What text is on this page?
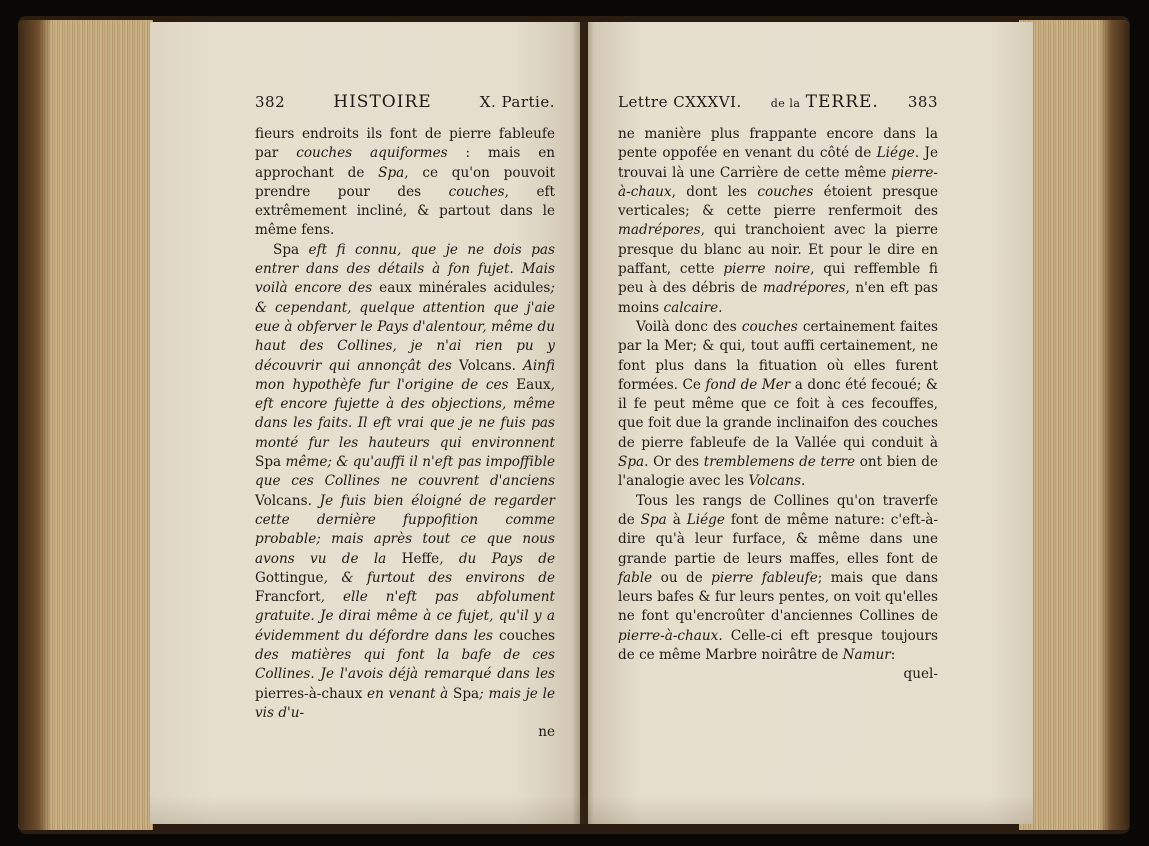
382	HISTOIRE	X. Partie.

fieurs endroits ils font de pierre fableufe par couches aquiformes : mais en approchant de Spa, ce qu'on pouvoit prendre pour des couches, eft extrêmement incliné, & partout dans le même fens.

Spa eft fi connu, que je ne dois pas entrer dans des détails à fon fujet. Mais voilà encore des eaux minérales acidules; & cependant, quelque attention que j'aie eue à obferver le Pays d'alentour, même du haut des Collines, je n'ai rien pu y découvrir qui annonçât des Volcans. Ainfi mon hypothèfe fur l'origine de ces Eaux, eft encore fujette à des objections, même dans les faits. Il eft vrai que je ne fuis pas monté fur les hauteurs qui environnent Spa même; & qu'auffi il n'eft pas impoffible que ces Collines ne couvrent d'anciens Volcans. Je fuis bien éloigné de regarder cette dernière fuppofition comme probable; mais après tout ce que nous avons vu de la Heffe, du Pays de Gottingue, & furtout des environs de Francfort, elle n'eft pas abfolument gratuite. Je dirai même à ce fujet, qu'il y a évidemment du défordre dans les couches des matières qui font la bafe de ces Collines. Je l'avois déjà remarqué dans les pierres-à-chaux en venant à Spa; mais je le vis d'u-

ne

Lettre CXXXVI.	de la TERRE. 383

ne manière plus frappante encore dans la pente oppofée en venant du côté de Liége. Je trouvai là une Carrière de cette même pierre-à-chaux, dont les couches étoient presque verticales; & cette pierre renfermoit des madrépores, qui tranchoient avec la pierre presque du blanc au noir. Et pour le dire en paffant, cette pierre noire, qui reffemble fi peu à des débris de madrépores, n'en eft pas moins calcaire.

Voilà donc des couches certainement faites par la Mer; & qui, tout auffi certainement, ne font plus dans la fituation où elles furent formées. Ce fond de Mer a donc été fecoué; & il fe peut même que ce foit à ces fecouffes, que foit due la grande inclinaifon des couches de pierre fableufe de la Vallée qui conduit à Spa. Or des tremblemens de terre ont bien de l'analogie avec les Volcans.

Tous les rangs de Collines qu'on traverfe de Spa à Liége font de même nature: c'eft-à-dire qu'à leur furface, & même dans une grande partie de leurs maffes, elles font de fable ou de pierre fableufe; mais que dans leurs bafes & fur leurs pentes, on voit qu'elles ne font qu'encroûter d'anciennes Collines de pierre-à-chaux. Celle-ci eft presque toujours de ce même Marbre noirâtre de Namur:

quel-
